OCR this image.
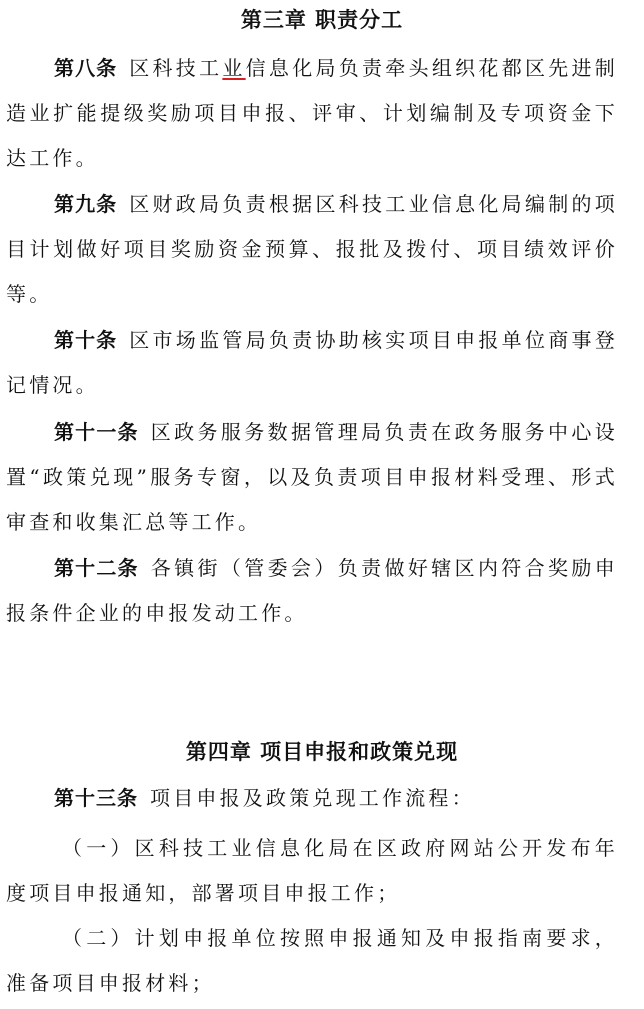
第三章 职责分工

第八条 区科技工业信息化局负责牵头组织花都区先进制造业扩能提级奖励项目申报、评审、计划编制及专项资金下达工作。

第九条 区财政局负责根据区科技工业信息化局编制的项目计划做好项目奖励资金预算、报批及拨付、项目绩效评价等。

第十条 区市场监管局负责协助核实项目申报单位商事登记情况。

第十一条 区政务服务数据管理局负责在政务服务中心设置“政策兑现”服务专窗，以及负责项目申报材料受理、形式审查和收集汇总等工作。

第十二条 各镇街（管委会）负责做好辖区内符合奖励申报条件企业的申报发动工作。

第四章 项目申报和政策兑现

第十三条 项目申报及政策兑现工作流程：

（一）区科技工业信息化局在区政府网站公开发布年度项目申报通知，部署项目申报工作；

（二）计划申报单位按照申报通知及申报指南要求，准备项目申报材料；
